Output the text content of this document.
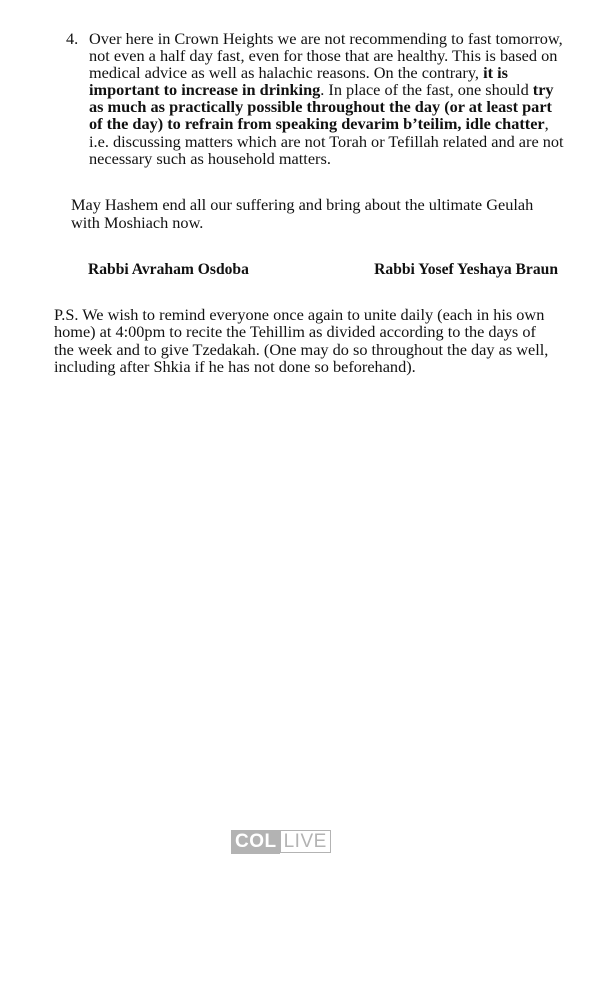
4. Over here in Crown Heights we are not recommending to fast tomorrow, not even a half day fast, even for those that are healthy. This is based on medical advice as well as halachic reasons. On the contrary, it is important to increase in drinking. In place of the fast, one should try as much as practically possible throughout the day (or at least part of the day) to refrain from speaking devarim b’teilim, idle chatter, i.e. discussing matters which are not Torah or Tefillah related and are not necessary such as household matters.
May Hashem end all our suffering and bring about the ultimate Geulah with Moshiach now.
Rabbi Avraham Osdoba	Rabbi Yosef Yeshaya Braun
P.S. We wish to remind everyone once again to unite daily (each in his own home) at 4:00pm to recite the Tehillim as divided according to the days of the week and to give Tzedakah. (One may do so throughout the day as well, including after Shkia if he has not done so beforehand).
COL LIVE
